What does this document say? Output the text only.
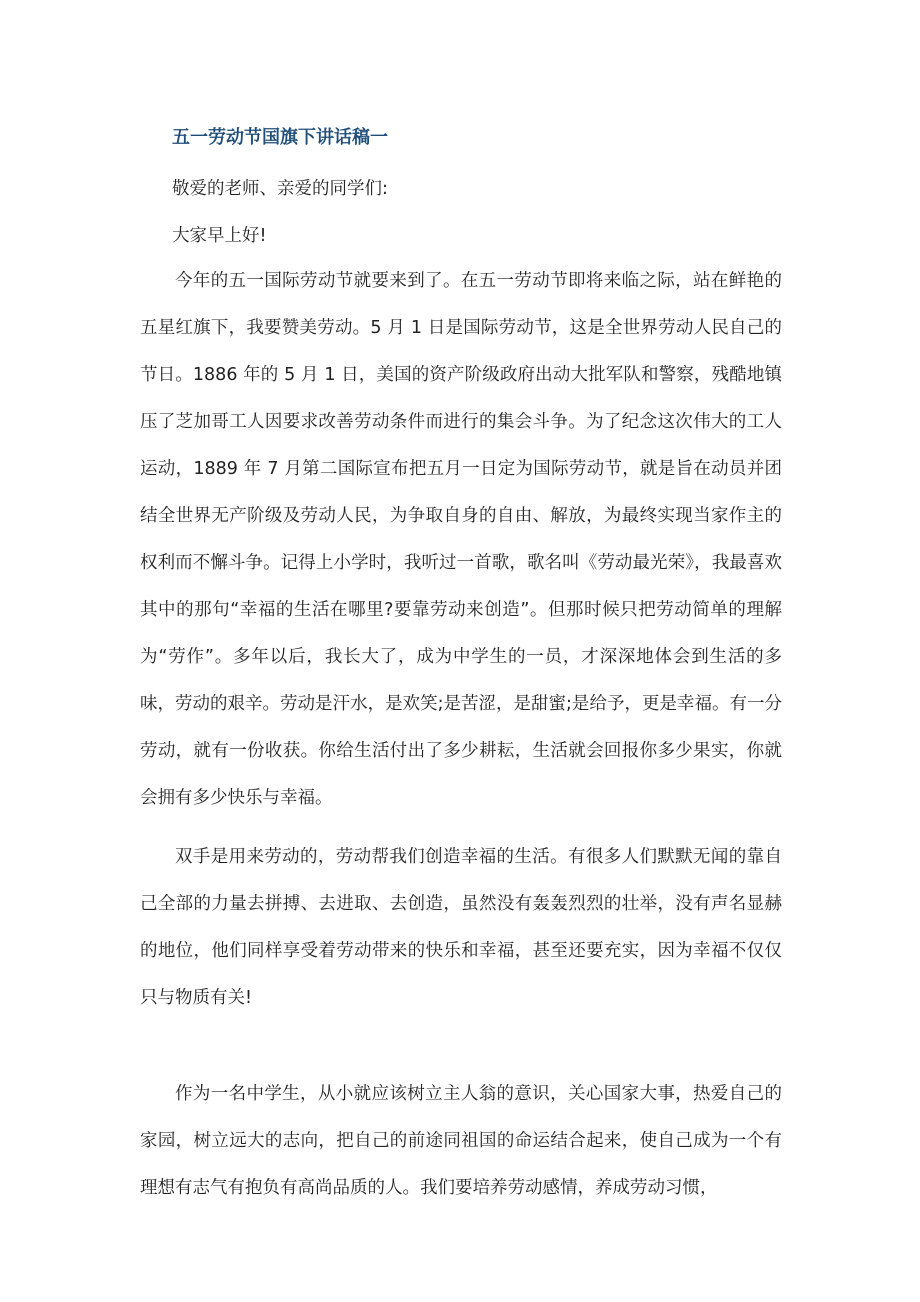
五一劳动节国旗下讲话稿一

敬爱的老师、亲爱的同学们:

大家早上好!

今年的五一国际劳动节就要来到了。在五一劳动节即将来临之际，站在鲜艳的五星红旗下，我要赞美劳动。5 月 1 日是国际劳动节，这是全世界劳动人民自己的节日。1886 年的 5 月 1 日，美国的资产阶级政府出动大批军队和警察，残酷地镇压了芝加哥工人因要求改善劳动条件而进行的集会斗争。为了纪念这次伟大的工人运动，1889 年 7 月第二国际宣布把五月一日定为国际劳动节，就是旨在动员并团结全世界无产阶级及劳动人民，为争取自身的自由、解放，为最终实现当家作主的权利而不懈斗争。记得上小学时，我听过一首歌，歌名叫《劳动最光荣》，我最喜欢其中的那句“幸福的生活在哪里?要靠劳动来创造”。但那时候只把劳动简单的理解为“劳作”。多年以后，我长大了，成为中学生的一员，才深深地体会到生活的多味，劳动的艰辛。劳动是汗水，是欢笑;是苦涩，是甜蜜;是给予，更是幸福。有一分劳动，就有一份收获。你给生活付出了多少耕耘，生活就会回报你多少果实，你就会拥有多少快乐与幸福。

双手是用来劳动的，劳动帮我们创造幸福的生活。有很多人们默默无闻的靠自己全部的力量去拼搏、去进取、去创造，虽然没有轰轰烈烈的壮举，没有声名显赫的地位，他们同样享受着劳动带来的快乐和幸福，甚至还要充实，因为幸福不仅仅只与物质有关!

作为一名中学生，从小就应该树立主人翁的意识，关心国家大事，热爱自己的家园，树立远大的志向，把自己的前途同祖国的命运结合起来，使自己成为一个有理想有志气有抱负有高尚品质的人。我们要培养劳动感情，养成劳动习惯，
